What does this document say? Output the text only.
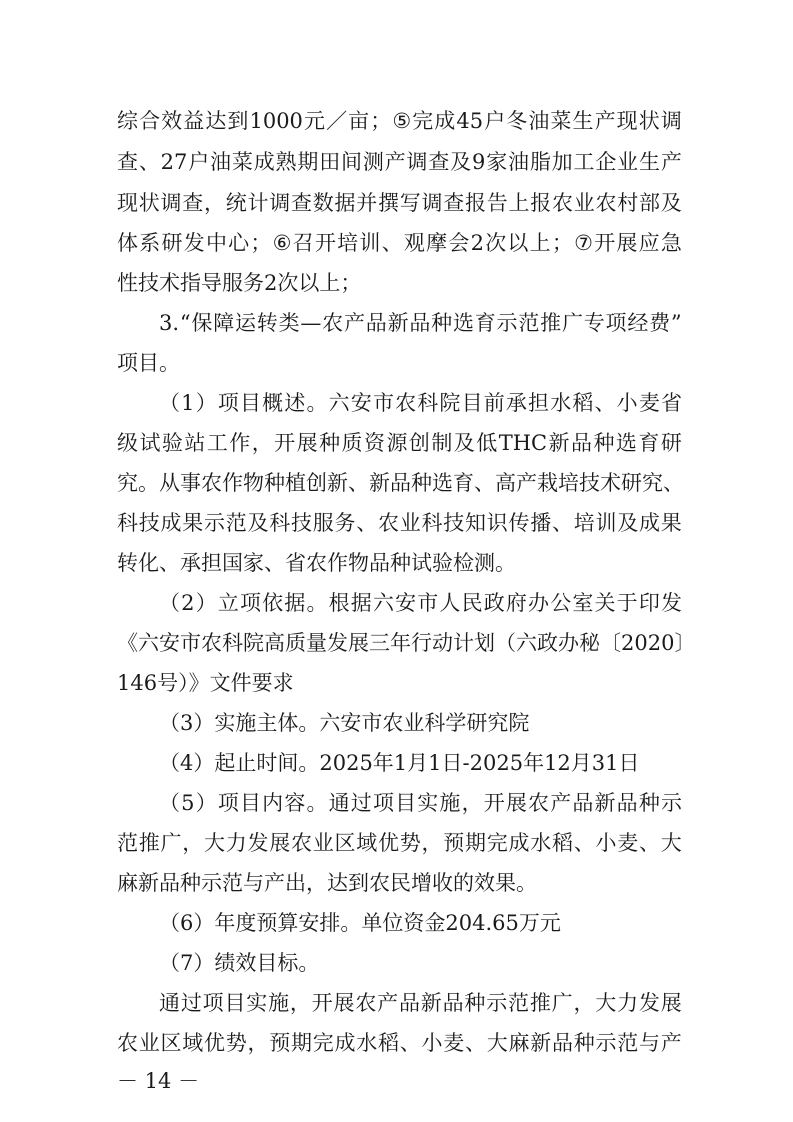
综 合 效 益 达 到 1000 元 ／ 亩 ； ⑤ 完 成 45 户 冬 油 菜 生 产 现 状 调
查 、 27 户 油 菜 成 熟 期 田 间 测 产 调 查 及 9 家 油 脂 加 工 企 业 生 产
现 状 调 查 ， 统 计 调 查 数 据 并 撰 写 调 查 报 告 上 报 农 业 农 村 部 及
体 系 研 发 中 心 ； ⑥ 召 开 培 训 、 观 摩 会 2 次 以 上 ； ⑦ 开 展 应 急
性技术指导服务2次以上；
3. “ 保 障 运 转 类 — 农 产 品 新 品 种 选 育 示 范 推 广 专 项 经 费 ”
项目。
（ 1 ） 项 目 概 述 。 六 安 市 农 科 院 目 前 承 担 水 稻 、 小 麦 省
级 试 验 站 工 作 ， 开 展 种 质 资 源 创 制 及 低 THC 新 品 种 选 育 研
究 。 从 事 农 作 物 种 植 创 新 、 新 品 种 选 育 、 高 产 栽 培 技 术 研 究 、
科 技 成 果 示 范 及 科 技 服 务 、 农 业 科 技 知 识 传 播 、 培 训 及 成 果
转化、承担国家、省农作物品种试验检测。
（ 2 ） 立 项 依 据 。 根 据 六 安 市 人 民 政 府 办 公 室 关 于 印 发
《 六 安 市 农 科 院 高 质 量 发 展 三 年 行 动 计 划 （ 六 政 办 秘 〔 2020 〕
146号）》文件要求
（3）实施主体。六安市农业科学研究院
（4）起止时间。2025年1月1日-2025年12月31日
（ 5 ） 项 目 内 容 。 通 过 项 目 实 施 ， 开 展 农 产 品 新 品 种 示
范 推 广 ， 大 力 发 展 农 业 区 域 优 势 ， 预 期 完 成 水 稻 、 小 麦 、 大
麻新品种示范与产出，达到农民增收的效果。
（6）年度预算安排。单位资金204.65万元
（7）绩效目标。
通 过 项 目 实 施 ， 开 展 农 产 品 新 品 种 示 范 推 广 ， 大 力 发 展
农 业 区 域 优 势 ， 预 期 完 成 水 稻 、 小 麦 、 大 麻 新 品 种 示 范 与 产
－ 14 －
